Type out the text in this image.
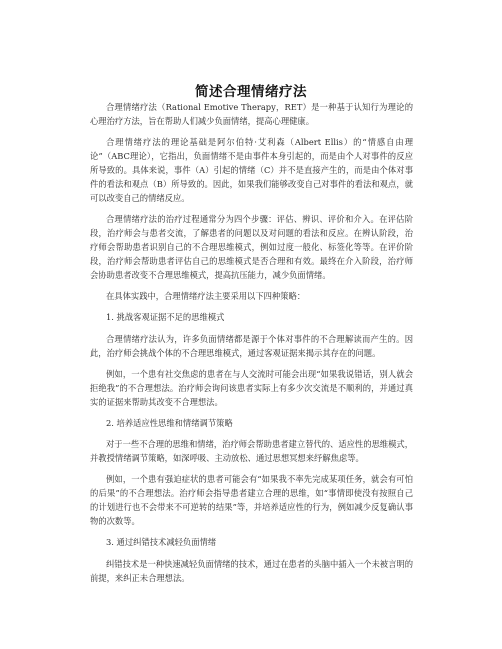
简述合理情绪疗法

合理情绪疗法（Rational Emotive Therapy，RET）是一种基于认知行为理论的心理治疗方法，旨在帮助人们减少负面情绪，提高心理健康。

合理情绪疗法的理论基础是阿尔伯特·艾利森（Albert Ellis）的“情感自由理论”（ABC理论），它指出，负面情绪不是由事件本身引起的，而是由个人对事件的反应所导致的。具体来说，事件（A）引起的情绪（C）并不是直接产生的，而是由个体对事件的看法和观点（B）所导致的。因此，如果我们能够改变自己对事件的看法和观点，就可以改变自己的情绪反应。

合理情绪疗法的治疗过程通常分为四个步骤：评估、辨识、评价和介入。在评估阶段，治疗师会与患者交流，了解患者的问题以及对问题的看法和反应。在辨认阶段，治疗师会帮助患者识别自己的不合理思维模式，例如过度一般化、标签化等等。在评价阶段，治疗师会帮助患者评估自己的思维模式是否合理和有效。最终在介入阶段，治疗师会协助患者改变不合理思维模式，提高抗压能力，减少负面情绪。

在具体实践中，合理情绪疗法主要采用以下四种策略：

1. 挑战客观证据不足的思维模式

合理情绪疗法认为，许多负面情绪都是源于个体对事件的不合理解读而产生的。因此，治疗师会挑战个体的不合理思维模式，通过客观证据来揭示其存在的问题。

例如，一个患有社交焦虑的患者在与人交流时可能会出现“如果我说错话，别人就会拒绝我”的不合理想法。治疗师会询问该患者实际上有多少次交流是不顺利的，并通过真实的证据来帮助其改变不合理想法。

2. 培养适应性思维和情绪调节策略

对于一些不合理的思维和情绪，治疗师会帮助患者建立替代的、适应性的思维模式，并教授情绪调节策略，如深呼吸、主动放松、通过思想冥想来纾解焦虑等。

例如，一个患有强迫症状的患者可能会有“如果我不率先完成某项任务，就会有可怕的后果”的不合理想法。治疗师会指导患者建立合理的思维，如“事情即使没有按照自己的计划进行也不会带来不可逆转的结果”等，并培养适应性的行为，例如减少反复确认事物的次数等。

3. 通过纠错技术减轻负面情绪

纠错技术是一种快速减轻负面情绪的技术，通过在患者的头脑中插入一个未被言明的前提，来纠正未合理想法。
